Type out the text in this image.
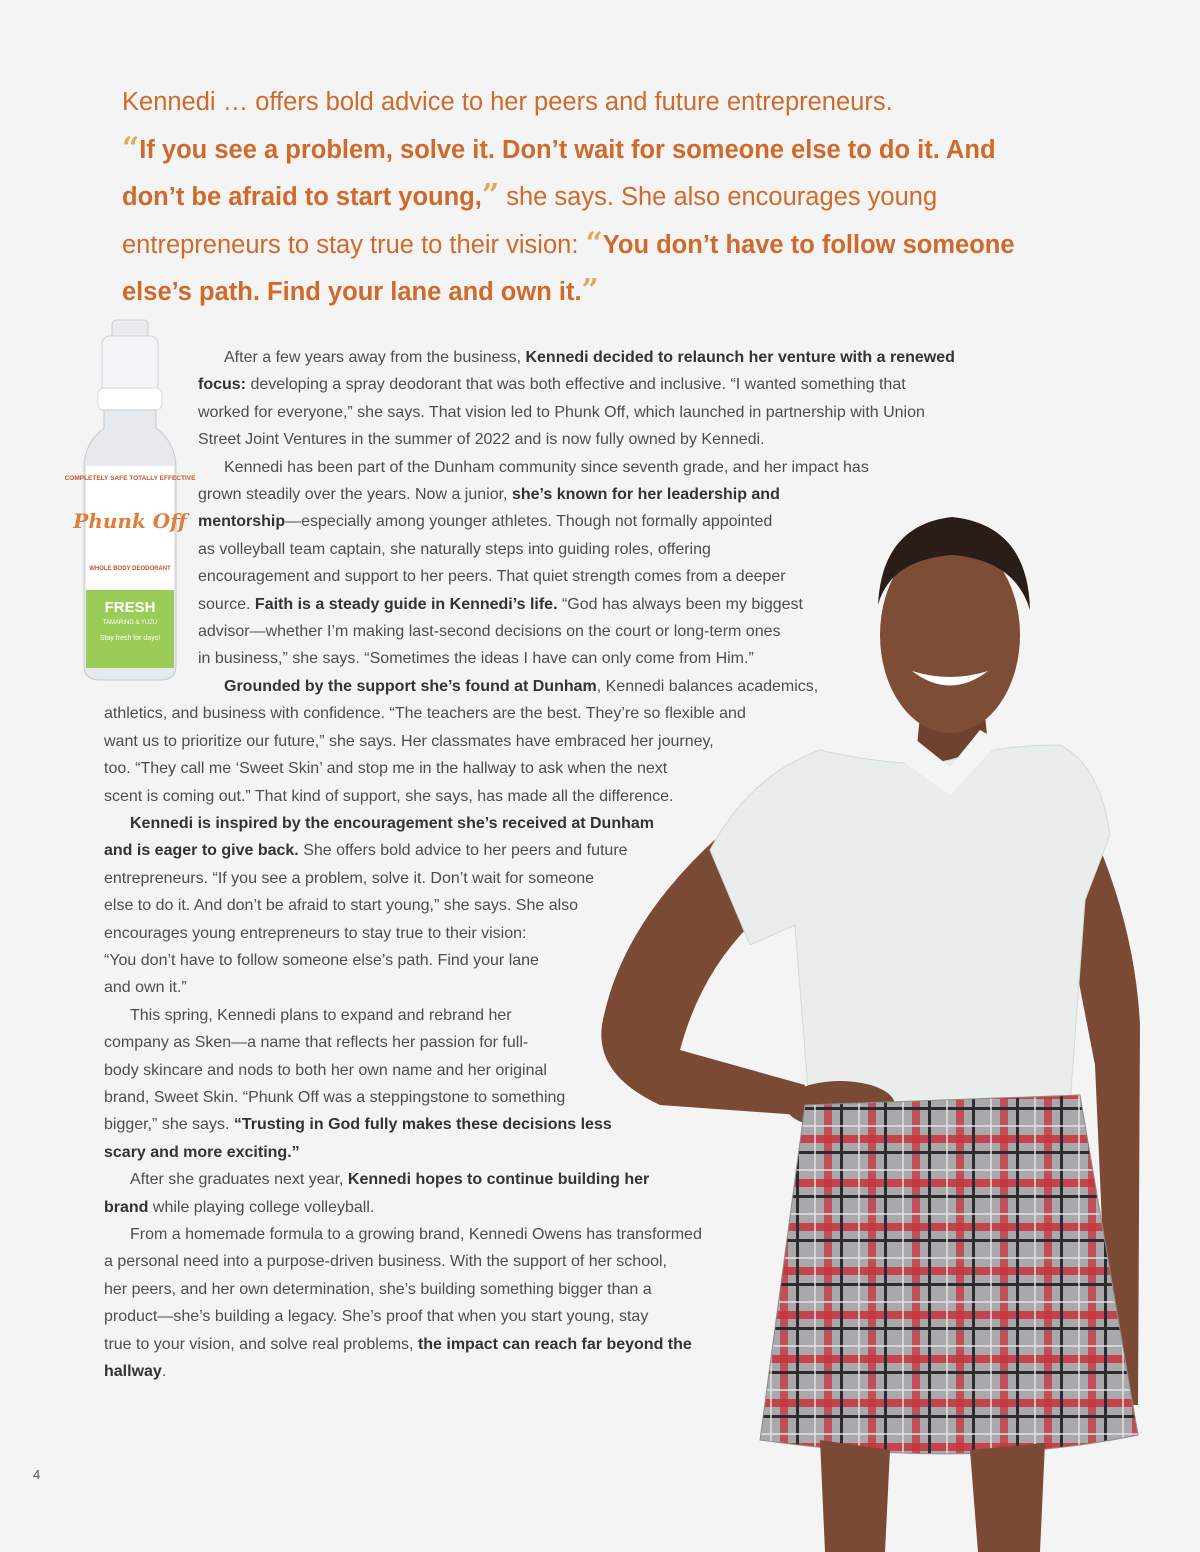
Kennedi … offers bold advice to her peers and future entrepreneurs.
“If you see a problem, solve it. Don’t wait for someone else to do it. And don’t be afraid to start young,” she says. She also encourages young entrepreneurs to stay true to their vision: “You don’t have to follow someone else’s path. Find your lane and own it.”
COMPLETELY SAFE TOTALLY EFFECTIVE
Phunk Off
WHOLE BODY DEODORANT
FRESH
TAMARIND & YUZU
Stay fresh for days!
After a few years away from the business, Kennedi decided to relaunch her venture with a renewed
focus: developing a spray deodorant that was both effective and inclusive. “I wanted something that
worked for everyone,” she says. That vision led to Phunk Off, which launched in partnership with Union
Street Joint Ventures in the summer of 2022 and is now fully owned by Kennedi.
Kennedi has been part of the Dunham community since seventh grade, and her impact has
grown steadily over the years. Now a junior, she’s known for her leadership and
mentorship—especially among younger athletes. Though not formally appointed
as volleyball team captain, she naturally steps into guiding roles, offering
encouragement and support to her peers. That quiet strength comes from a deeper
source. Faith is a steady guide in Kennedi’s life. “God has always been my biggest
advisor—whether I’m making last-second decisions on the court or long-term ones
in business,” she says. “Sometimes the ideas I have can only come from Him.”
Grounded by the support she’s found at Dunham, Kennedi balances academics,
athletics, and business with confidence. “The teachers are the best. They’re so flexible and
want us to prioritize our future,” she says. Her classmates have embraced her journey,
too. “They call me ‘Sweet Skin’ and stop me in the hallway to ask when the next
scent is coming out.” That kind of support, she says, has made all the difference.
Kennedi is inspired by the encouragement she’s received at Dunham
and is eager to give back. She offers bold advice to her peers and future
entrepreneurs. “If you see a problem, solve it. Don’t wait for someone
else to do it. And don’t be afraid to start young,” she says. She also
encourages young entrepreneurs to stay true to their vision:
“You don’t have to follow someone else’s path. Find your lane
and own it.”
This spring, Kennedi plans to expand and rebrand her
company as Sken—a name that reflects her passion for full-
body skincare and nods to both her own name and her original
brand, Sweet Skin. “Phunk Off was a steppingstone to something
bigger,” she says. “Trusting in God fully makes these decisions less
scary and more exciting.”
After she graduates next year, Kennedi hopes to continue building her
brand while playing college volleyball.
From a homemade formula to a growing brand, Kennedi Owens has transformed
a personal need into a purpose-driven business. With the support of her school,
her peers, and her own determination, she’s building something bigger than a
product—she’s building a legacy. She’s proof that when you start young, stay
true to your vision, and solve real problems, the impact can reach far beyond the
hallway.
4
